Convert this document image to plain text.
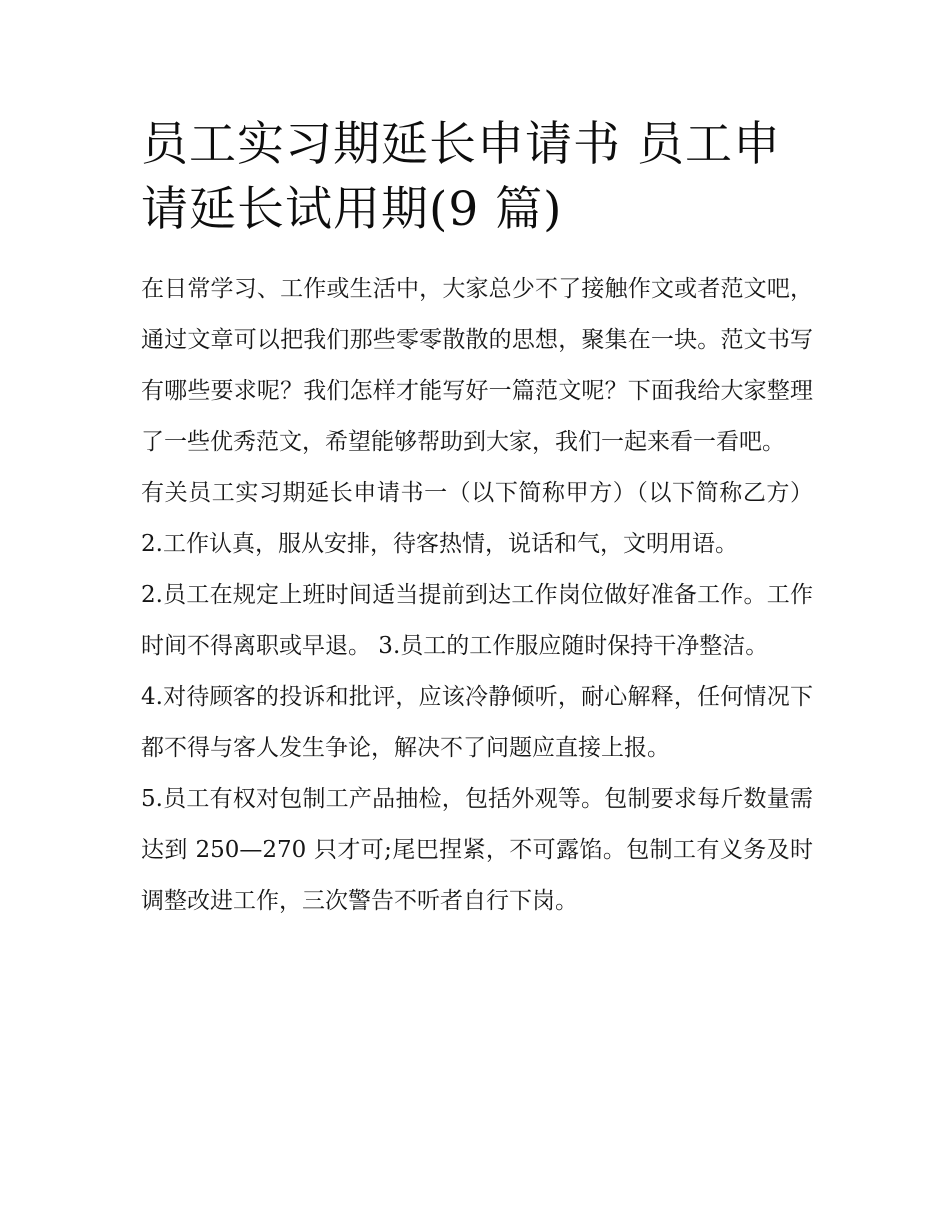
员工实习期延长申请书 员工申请延长试用期(9 篇)

在日常学习、工作或生活中，大家总少不了接触作文或者范文吧，通过文章可以把我们那些零零散散的思想，聚集在一块。范文书写有哪些要求呢？我们怎样才能写好一篇范文呢？下面我给大家整理了一些优秀范文，希望能够帮助到大家，我们一起来看一看吧。

有关员工实习期延长申请书一（以下简称甲方）（以下简称乙方） 2.工作认真，服从安排，待客热情，说话和气，文明用语。

2.员工在规定上班时间适当提前到达工作岗位做好准备工作。工作时间不得离职或早退。 3.员工的工作服应随时保持干净整洁。

4.对待顾客的投诉和批评，应该冷静倾听，耐心解释，任何情况下都不得与客人发生争论，解决不了问题应直接上报。

5.员工有权对包制工产品抽检，包括外观等。包制要求每斤数量需达到 250—270 只才可;尾巴捏紧，不可露馅。包制工有义务及时调整改进工作，三次警告不听者自行下岗。
